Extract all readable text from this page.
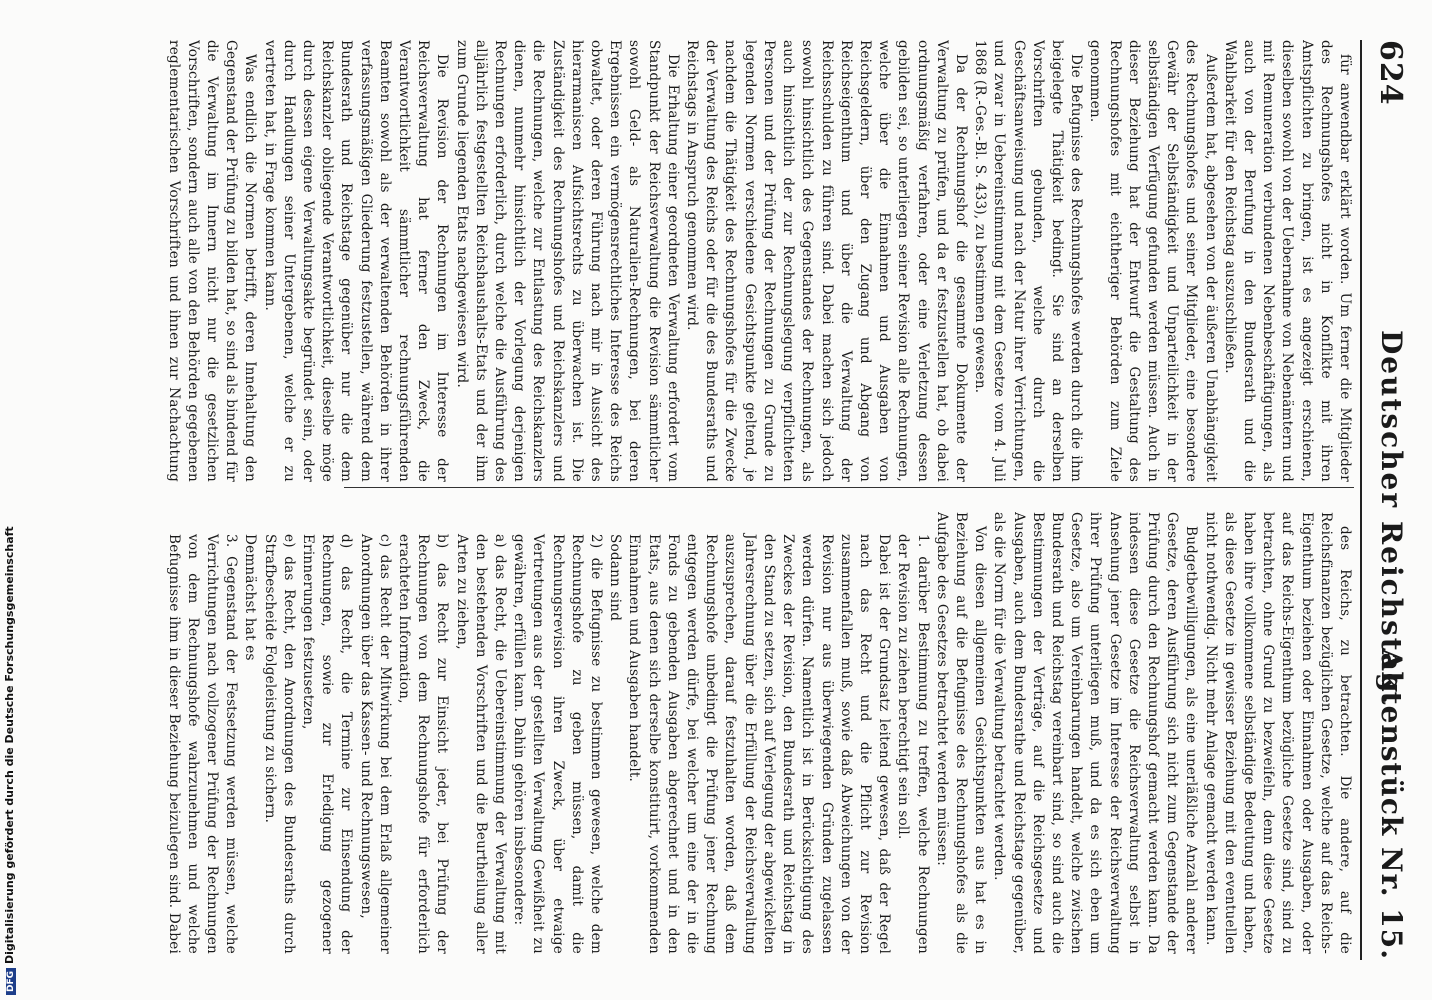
624
Deutscher Reichstag.
Aktenstück Nr. 15.

für anwendbar erklärt worden. Um ferner die Mitglieder des Rechnungshofes nicht in Konflikte mit ihren Amtspflichten zu bringen, ist es angezeigt erschienen, dieselben sowohl von der Uebernahme von Nebenämtern und mit Remuneration verbundenen Nebenbeschäftigungen, als auch von der Berufung in den Bundesrath und die Wahlbarkeit für den Reichstag auszuschließen.

Außerdem hat, abgesehen von der äußeren Unabhängigkeit des Rechnungshofes und seiner Mitglieder, eine besondere Gewähr der Selbständigkeit und Unparteilichkeit in der selbständigen Verfügung gefunden werden müssen. Auch in dieser Beziehung hat der Entwurf die Gestaltung des Rechnungshofes mit eichtheriger Behörden zum Ziele genommen.

Die Befugnisse des Rechnungshofes werden durch die ihm beigelegte Thätigkeit bedingt. Sie sind an derselben Vorschriften gebunden, welche durch die Geschäftsanweisung und nach der Natur ihrer Verrichtungen, und zwar in Uebereinstimmung mit dem Gesetze vom 4. Juli 1868 (R.-Ges.-Bl. S. 433), zu bestimmen gewesen.

Da der Rechnungshof die gesammte Dokumente der Verwaltung zu prüfen, und da er festzustellen hat, ob dabei ordnungsmäßig verfahren, oder eine Verletzung dessen gebilden sei, so unterliegen seiner Revision alle Rechnungen, welche über die Einnahmen und Ausgaben von Reichsgeldern, über den Zugang und Abgang von Reichseigenthum und über die Verwaltung der Reichsschulden zu führen sind. Dabei machen sich jedoch sowohl hinsichtlich des Gegenstandes der Rechnungen, als auch hinsichtlich der zur Rechnungslegung verpflichteten Personen und der Prüfung der Rechnungen zu Grunde zu legenden Normen verschiedene Gesichtspunkte geltend, je nachdem die Thätigkeit des Rechnungshofes für die Zwecke der Verwaltung des Reichs oder für die des Bundesraths und Reichstags in Anspruch genommen wird.

Die Erhaltung einer geordneten Verwaltung erfordert vom Standpunkt der Reichsverwaltung die Revision sämmtlicher sowohl Geld- als Naturalien-Rechnungen, bei deren Ergebnissen ein vermögensrechtliches Interesse des Reichs obwaltet, oder deren Führung nach mir in Aussicht des hierarmaniscen Aufsichtsrechts zu überwachen ist. Die Zuständigkeit des Rechnungshofes und Reichskanzlers und die Rechnungen, welche zur Entlastung des Reichskanzlers dienen, nunmehr hinsichtlich der Vorlegung derjenigen Rechnungen erforderlich, durch welche die Ausführung des alljährlich festgestellten Reichshaushalts-Etats und der ihm zum Grunde liegenden Etats nachgewiesen wird.

Die Revision der Rechnungen im Interesse der Reichsverwaltung hat ferner den Zweck, die Verantwortlichkeit sämmtlicher rechnungsführenden Beamten sowohl als der verwaltenden Behörden in ihrer verfassungsmäßigen Gliederung festzustellen, während dem Bundesrath und Reichstage gegenüber nur die dem Reichskanzler obliegende Verantwortlichkeit, dieselbe möge durch dessen eigene Verwaltungsakte begründet sein, oder durch Handlungen seiner Untergebenen, welche er zu vertreten hat, in Frage kommen kann.

Was endlich die Normen betrifft, deren Innehaltung den Gegenstand der Prüfung zu bilden hat, so sind als bindend für die Verwaltung im Innern nicht nur die gesetzlichen Vorschriften, sondern auch alle von den Behörden gegebenen reglementarischen Vorschriften und ihnen zur Nachachtung

des Reichs, zu betrachten. Die andere, auf die Reichsfinanzen bezüglichen Gesetze, welche auf das Reichs-Eigenthum beziehen oder Einnahmen oder Ausgaben, oder auf das Reichs-Eigenthum bezügliche Gesetze sind, sind zu betrachten, ohne Grund zu bezweifeln, denn diese Gesetze haben ihre vollkommene selbständige Bedeutung und haben, als diese Gesetze in gewisser Beziehung mit den eventuellen nicht nothwendig. Nicht mehr Anlage gemacht werden kann.

Budgetbewilligungen, als eine unerläßliche Anzahl anderer Gesetze, deren Ausführung sich nicht zum Gegenstande der Prüfung durch den Rechnungshof gemacht werden kann. Da indessen diese Gesetze die Reichsverwaltung selbst in Ansehung jener Gesetze im Interesse der Reichsverwaltung ihrer Prüfung unterliegen muß, und da es sich eben um Gesetze, also um Vereinbarungen handelt, welche zwischen Bundesrath und Reichstag vereinbart sind, so sind auch die Bestimmungen der Verträge, auf die Reichsgesetze und Ausgaben, auch dem Bundesrathe und Reichstage gegenüber, als die Norm für die Verwaltung betrachtet werden.

Von diesen allgemeinen Gesichtspunkten aus hat es in Beziehung auf die Befugnisse des Rechnungshofes als die Aufgabe des Gesetzes betrachtet werden müssen:

1. darüber Bestimmung zu treffen, welche Rechnungen der Revision zu ziehen berechtigt sein soll.

Dabei ist der Grundsatz leitend gewesen, daß der Regel nach das Recht und die Pflicht zur Revision zusammenfallen muß, sowie daß Abweichungen von der Revision nur aus überwiegenden Gründen zugelassen werden dürfen. Namentlich ist in Berücksichtigung des Zweckes der Revision, den Bundesrath und Reichstag in den Stand zu setzen, sich auf Verlegung der abgewickelten Jahresrechnung über die Erfüllung der Reichsverwaltung auszusprechen, darauf festzuhalten worden, daß dem Rechnungshofe unbedingt die Prüfung jener Rechnung entgegen werden dürfe, bei welcher um eine der in die Fonds zu gebenden Ausgaben abgerechnet und in den Etats, aus denen sich derselbe konstituirt, vorkommenden Einnahmen und Ausgaben handelt.

Sodann sind

2) die Befugnisse zu bestimmen gewesen, welche dem Rechnungshofe zu geben müssen, damit die Rechnungsrevision ihren Zweck, über etwaige Vertretungen aus der gestellten Verwaltung Gewißheit zu gewähren, erfüllen kann. Dahin gehören insbesondere:

a) das Recht, die Uebereinstimmung der Verwaltung mit den bestehenden Vorschriften und die Beurtheilung aller Arten zu ziehen,

b) das Recht zur Einsicht jeder, bei Prüfung der Rechnungen von dem Rechnungshofe für erforderlich erachteten Information,

c) das Recht der Mitwirkung bei dem Erlaß allgemeiner Anordnungen über das Kassen- und Rechnungswesen,

d) das Recht, die Termine zur Einsendung der Rechnungen, sowie zur Erledigung gezogener Erinnerungen festzusetzen,

e) das Recht, den Anordnungen des Bundesraths durch Strafbescheide Folgeleistung zu sichern.

Demnächst hat es

3. Gegenstand der Festsetzung werden müssen, welche Verrichtungen nach vollzogener Prüfung der Rechnungen von dem Rechnungshofe wahrzunehmen und welche Befugnisse ihm in dieser Beziehung beizulegen sind. Dabei

DFGDigitalisierung gefördert durch die Deutsche Forschungsgemeinschaft
